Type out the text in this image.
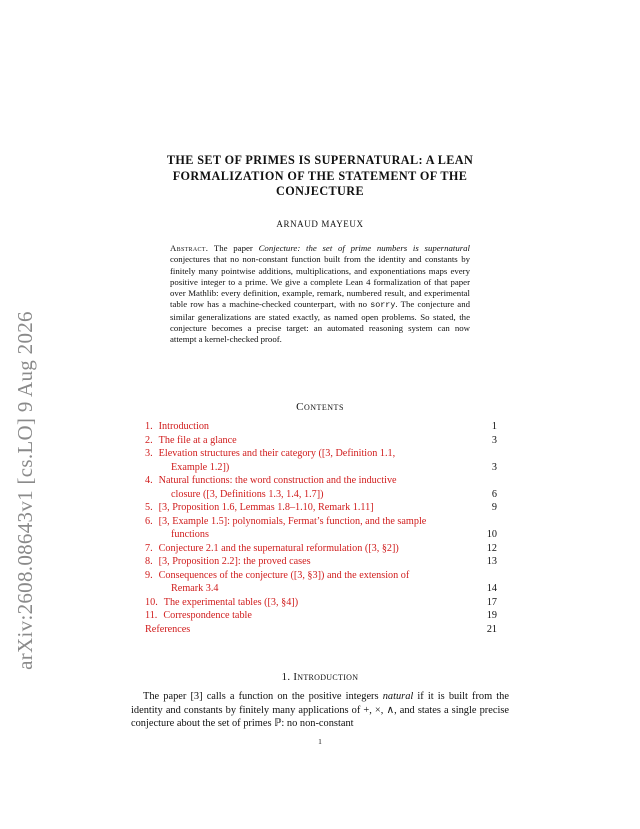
arXiv:2608.08643v1 [cs.LO] 9 Aug 2026
THE SET OF PRIMES IS SUPERNATURAL: A LEAN FORMALIZATION OF THE STATEMENT OF THE CONJECTURE
ARNAUD MAYEUX
Abstract. The paper Conjecture: the set of prime numbers is supernatural conjectures that no non-constant function built from the identity and constants by finitely many pointwise additions, multiplications, and exponentiations maps every positive integer to a prime. We give a complete Lean 4 formalization of that paper over Mathlib: every definition, example, remark, numbered result, and experimental table row has a machine-checked counterpart, with no sorry. The conjecture and similar generalizations are stated exactly, as named open problems. So stated, the conjecture becomes a precise target: an automated reasoning system can now attempt a kernel-checked proof.
Contents
1. Introduction	1
2. The file at a glance	3
3. Elevation structures and their category ([3, Definition 1.1,
Example 1.2])	3
4. Natural functions: the word construction and the inductive
closure ([3, Definitions 1.3, 1.4, 1.7])	6
5. [3, Proposition 1.6, Lemmas 1.8–1.10, Remark 1.11]	9
6. [3, Example 1.5]: polynomials, Fermat’s function, and the sample
functions	10
7. Conjecture 2.1 and the supernatural reformulation ([3, §2])	12
8. [3, Proposition 2.2]: the proved cases	13
9. Consequences of the conjecture ([3, §3]) and the extension of
Remark 3.4	14
10. The experimental tables ([3, §4])	17
11. Correspondence table	19
References	21
1. Introduction
The paper [3] calls a function on the positive integers natural if it is built from the identity and constants by finitely many applications of +, ×, ∧, and states a single precise conjecture about the set of primes ℙ: no non-constant
1
